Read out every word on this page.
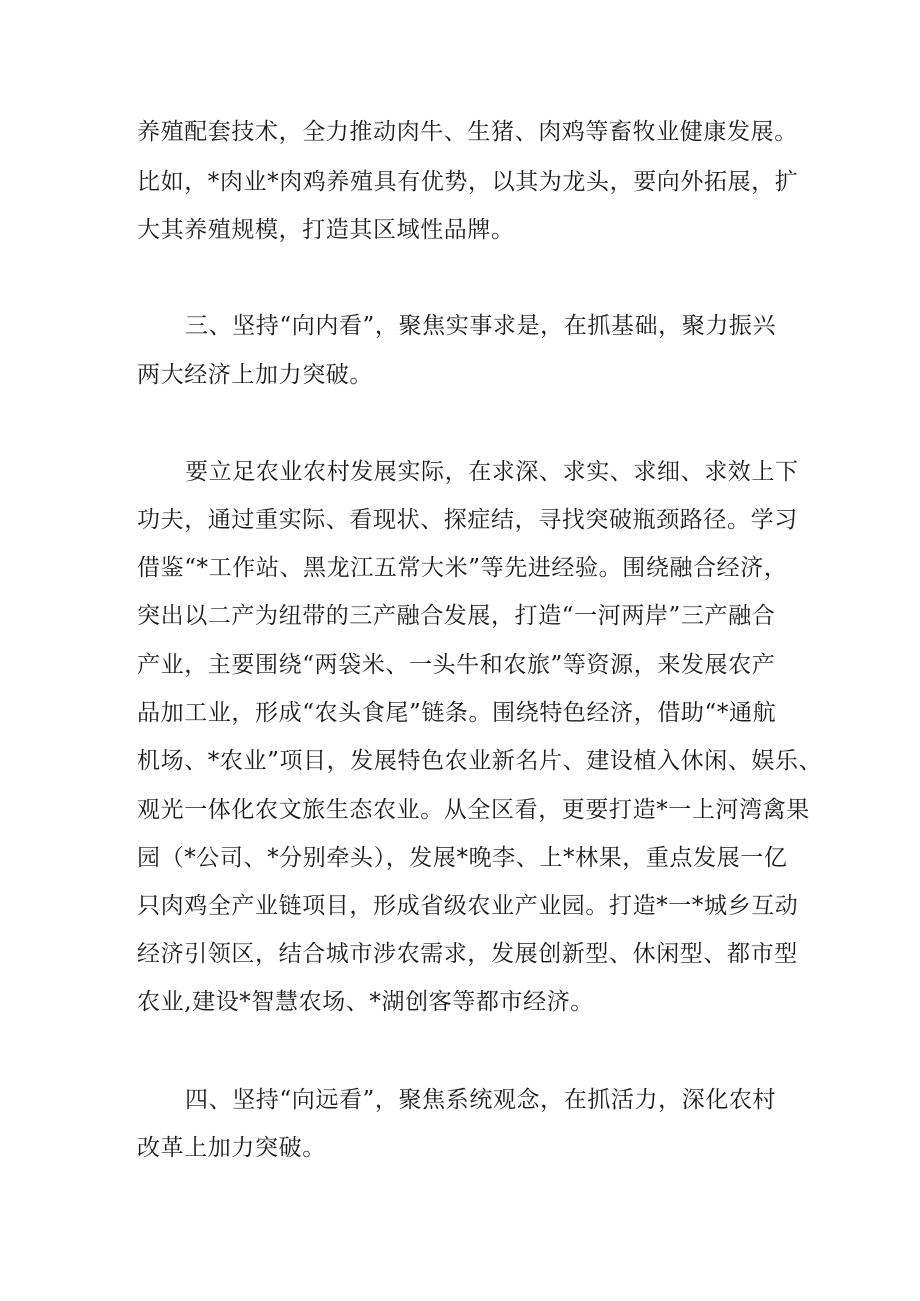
养殖配套技术，全力推动肉牛、生猪、肉鸡等畜牧业健康发展。
比如，*肉业*肉鸡养殖具有优势，以其为龙头，要向外拓展，扩
大其养殖规模，打造其区域性品牌。
三、坚持“向内看”，聚焦实事求是，在抓基础，聚力振兴
两大经济上加力突破。
要立足农业农村发展实际，在求深、求实、求细、求效上下
功夫，通过重实际、看现状、探症结，寻找突破瓶颈路径。学习
借鉴“*工作站、黑龙江五常大米”等先进经验。围绕融合经济，
突出以二产为纽带的三产融合发展，打造“一河两岸”三产融合
产业，主要围绕“两袋米、一头牛和农旅”等资源，来发展农产
品加工业，形成“农头食尾”链条。围绕特色经济，借助“*通航
机场、*农业”项目，发展特色农业新名片、建设植入休闲、娱乐、
观光一体化农文旅生态农业。从全区看，更要打造*一上河湾禽果
园（*公司、*分别牵头），发展*晚李、上*林果，重点发展一亿
只肉鸡全产业链项目，形成省级农业产业园。打造*一*城乡互动
经济引领区，结合城市涉农需求，发展创新型、休闲型、都市型
农业,建设*智慧农场、*湖创客等都市经济。
四、坚持“向远看”，聚焦系统观念，在抓活力，深化农村
改革上加力突破。
